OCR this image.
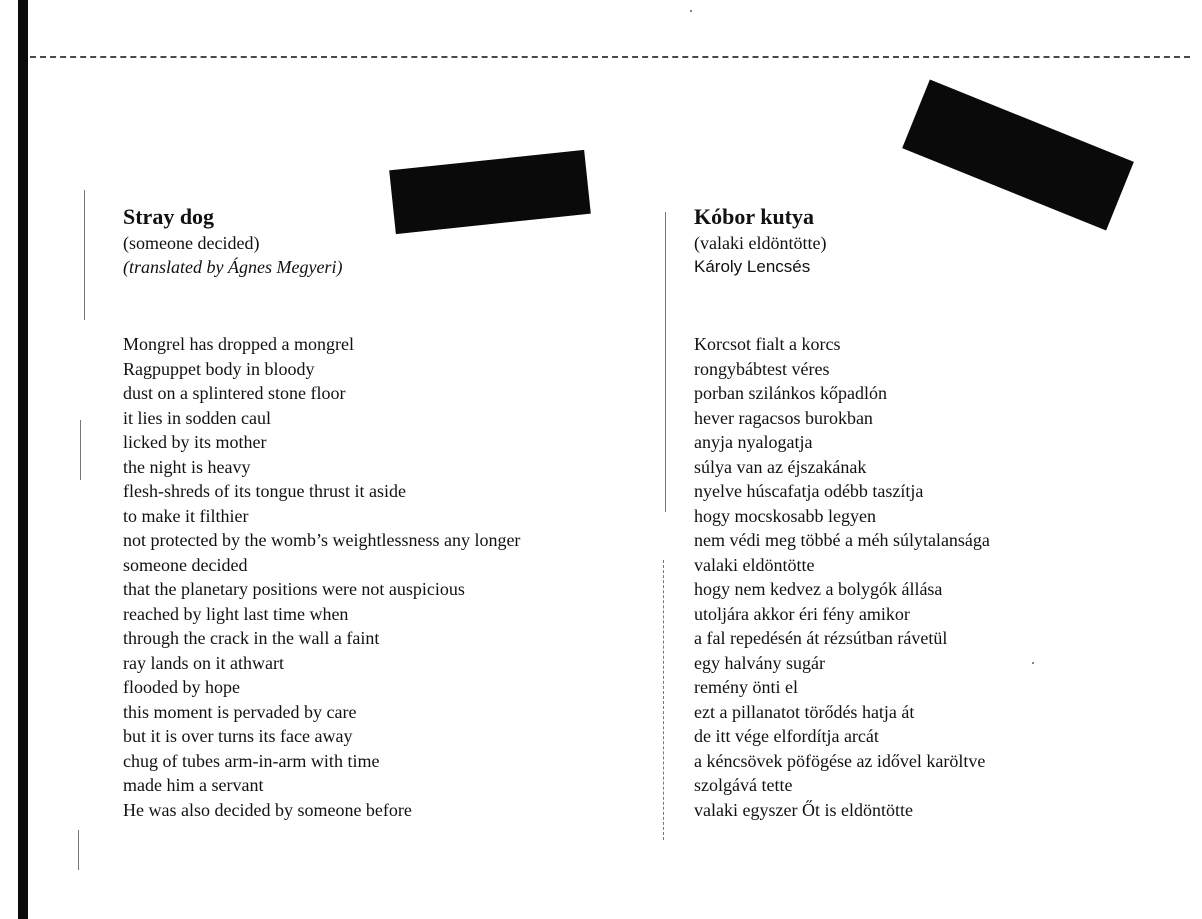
Stray dog

(someone decided)

(translated by Ágnes Megyeri)

Mongrel has dropped a mongrel
Ragpuppet body in bloody
dust on a splintered stone floor
it lies in sodden caul
licked by its mother
the night is heavy
flesh-shreds of its tongue thrust it aside
to make it filthier
not protected by the womb’s weightlessness any longer
someone decided
that the planetary positions were not auspicious
reached by light last time when
through the crack in the wall a faint
ray lands on it athwart
flooded by hope
this moment is pervaded by care
but it is over turns its face away
chug of tubes arm-in-arm with time
made him a servant
He was also decided by someone before

Kóbor kutya

(valaki eldöntötte)

Károly Lencsés

Korcsot fialt a korcs
rongybábtest véres
porban szilánkos kőpadlón
hever ragacsos burokban
anyja nyalogatja
súlya van az éjszakának
nyelve húscafatja odébb taszítja
hogy mocskosabb legyen
nem védi meg többé a méh súlytalansága
valaki eldöntötte
hogy nem kedvez a bolygók állása
utoljára akkor éri fény amikor
a fal repedésén át rézsútban rávetül
egy halvány sugár
remény önti el
ezt a pillanatot törődés hatja át
de itt vége elfordítja arcát
a kéncsövek pöfögése az idővel karöltve
szolgává tette
valaki egyszer Őt is eldöntötte
